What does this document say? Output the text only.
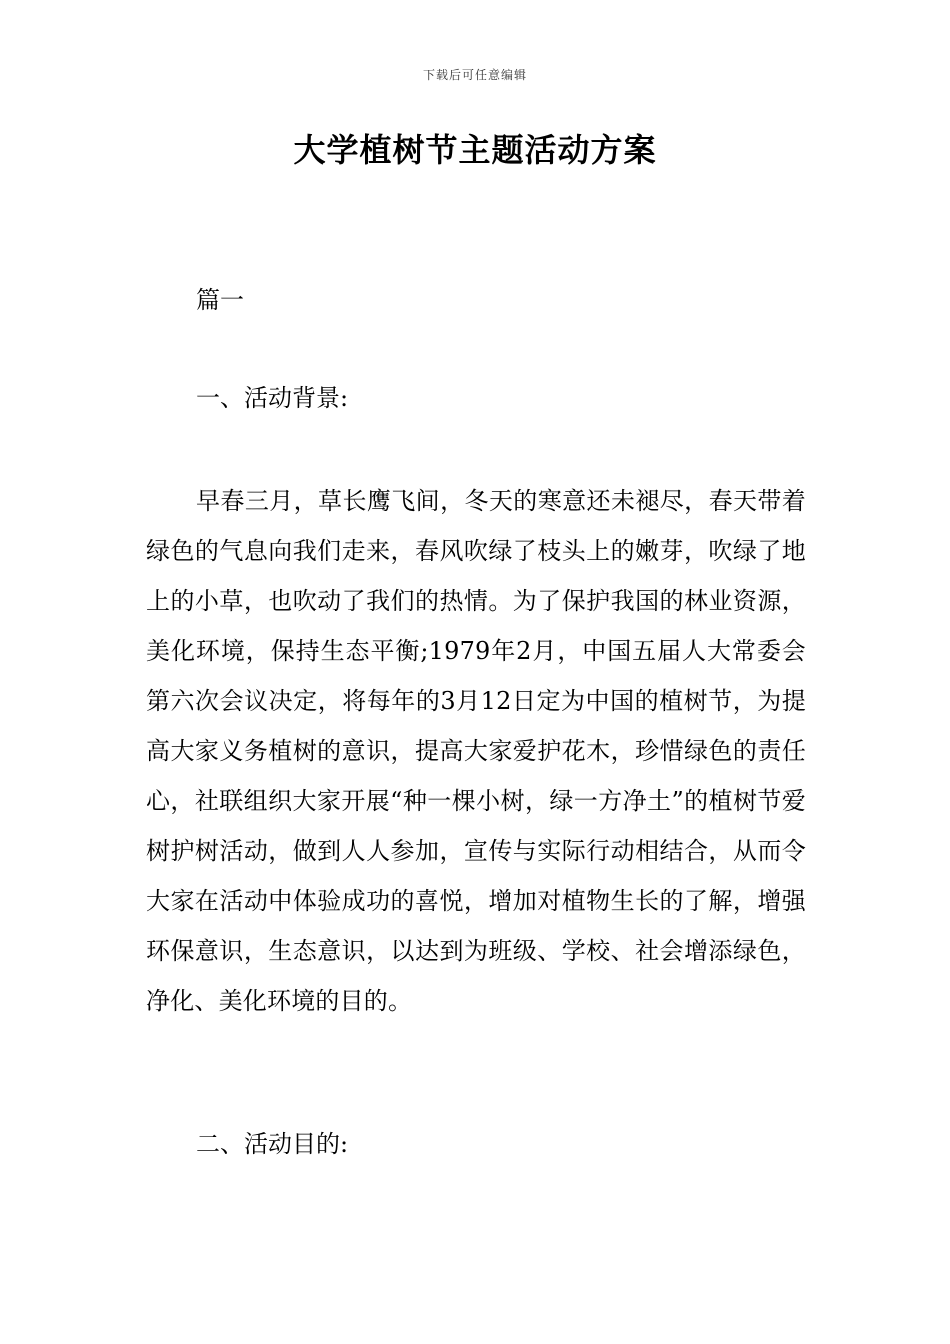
下载后可任意编辑
大学植树节主题活动方案

篇一

一、活动背景:

早春三月，草长鹰飞间，冬天的寒意还未褪尽，春天带着绿色的气息向我们走来，春风吹绿了枝头上的嫩芽，吹绿了地上的小草，也吹动了我们的热情。为了保护我国的林业资源，美化环境，保持生态平衡;1979年2月，中国五届人大常委会第六次会议决定，将每年的3月12日定为中国的植树节，为提高大家义务植树的意识，提高大家爱护花木，珍惜绿色的责任心，社联组织大家开展“种一棵小树，绿一方净土”的植树节爱树护树活动，做到人人参加，宣传与实际行动相结合，从而令大家在活动中体验成功的喜悦，增加对植物生长的了解，增强环保意识，生态意识，以达到为班级、学校、社会增添绿色，净化、美化环境的目的。

二、活动目的:
